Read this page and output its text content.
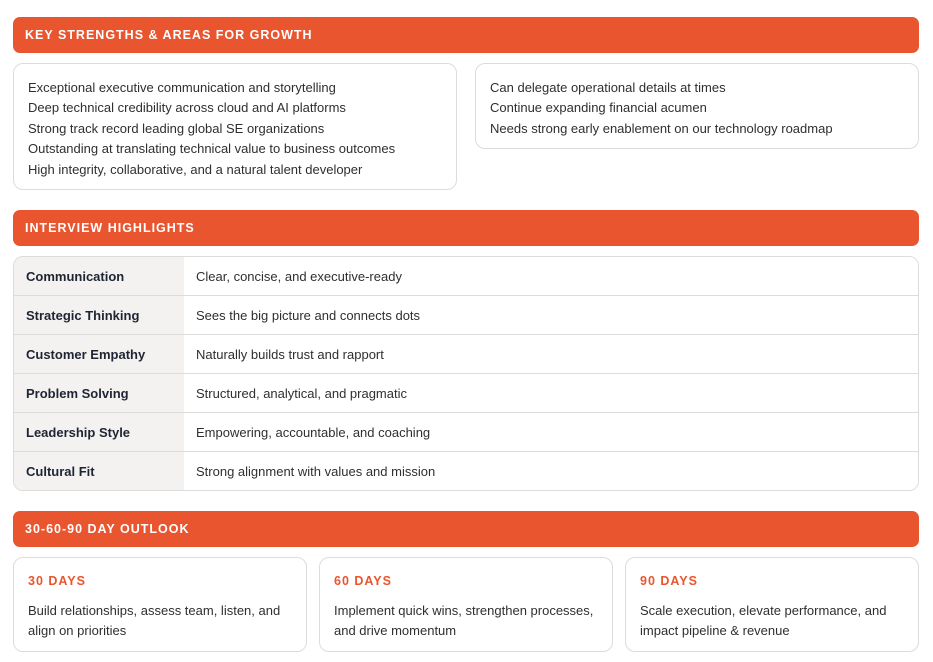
KEY STRENGTHS & AREAS FOR GROWTH
Exceptional executive communication and storytelling
Deep technical credibility across cloud and AI platforms
Strong track record leading global SE organizations
Outstanding at translating technical value to business outcomes
High integrity, collaborative, and a natural talent developer
Can delegate operational details at times
Continue expanding financial acumen
Needs strong early enablement on our technology roadmap
INTERVIEW HIGHLIGHTS
Communication	Clear, concise, and executive-ready
Strategic Thinking	Sees the big picture and connects dots
Customer Empathy	Naturally builds trust and rapport
Problem Solving	Structured, analytical, and pragmatic
Leadership Style	Empowering, accountable, and coaching
Cultural Fit	Strong alignment with values and mission
30-60-90 DAY OUTLOOK
30 DAYS
Build relationships, assess team, listen, and align on priorities
60 DAYS
Implement quick wins, strengthen processes, and drive momentum
90 DAYS
Scale execution, elevate performance, and impact pipeline & revenue
